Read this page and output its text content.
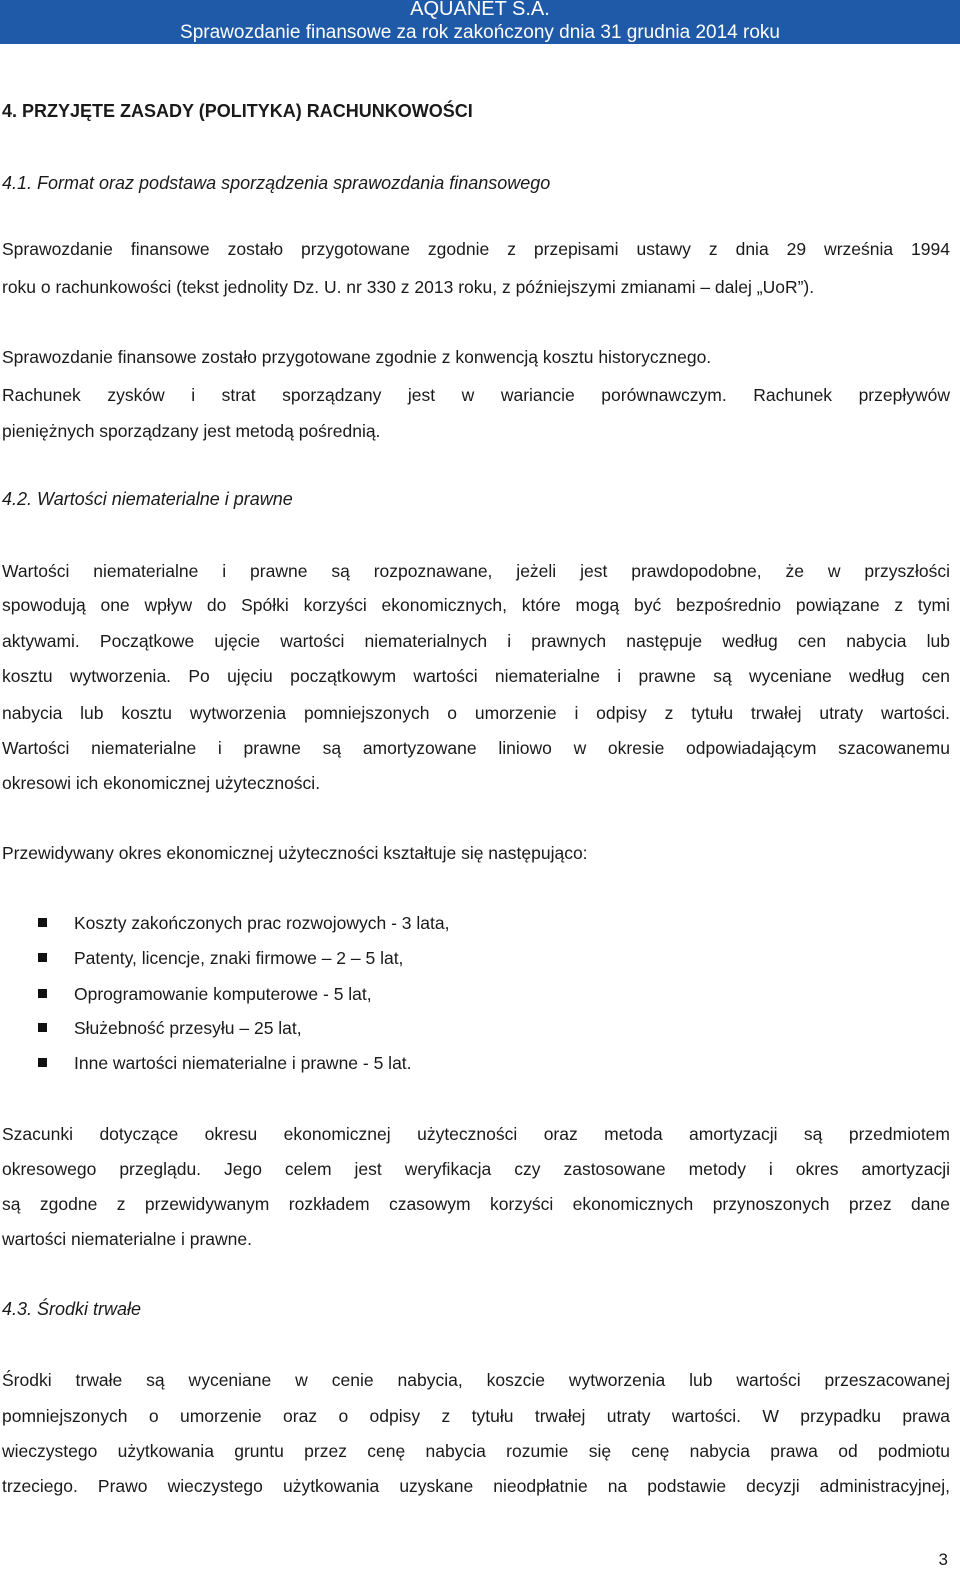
AQUANET S.A.
Sprawozdanie finansowe za rok zakończony dnia 31 grudnia 2014 roku
4. PRZYJĘTE ZASADY (POLITYKA) RACHUNKOWOŚCI
4.1. Format oraz podstawa sporządzenia sprawozdania finansowego
Sprawozdanie finansowe zostało przygotowane zgodnie z przepisami ustawy z dnia 29 września 1994
roku o rachunkowości (tekst jednolity Dz. U. nr 330 z 2013 roku, z późniejszymi zmianami – dalej „UoR”).
Sprawozdanie finansowe zostało przygotowane zgodnie z konwencją kosztu historycznego.
Rachunek zysków i strat sporządzany jest w wariancie porównawczym. Rachunek przepływów
pieniężnych sporządzany jest metodą pośrednią.
4.2. Wartości niematerialne i prawne
Wartości niematerialne i prawne są rozpoznawane, jeżeli jest prawdopodobne, że w przyszłości
spowodują one wpływ do Spółki korzyści ekonomicznych, które mogą być bezpośrednio powiązane z tymi
aktywami. Początkowe ujęcie wartości niematerialnych i prawnych następuje według cen nabycia lub
kosztu wytworzenia. Po ujęciu początkowym wartości niematerialne i prawne są wyceniane według cen
nabycia lub kosztu wytworzenia pomniejszonych o umorzenie i odpisy z tytułu trwałej utraty wartości.
Wartości niematerialne i prawne są amortyzowane liniowo w okresie odpowiadającym szacowanemu
okresowi ich ekonomicznej użyteczności.
Przewidywany okres ekonomicznej użyteczności kształtuje się następująco:
Koszty zakończonych prac rozwojowych - 3 lata,
Patenty, licencje, znaki firmowe – 2 – 5 lat,
Oprogramowanie komputerowe - 5 lat,
Służebność przesyłu – 25 lat,
Inne wartości niematerialne i prawne - 5 lat.
Szacunki dotyczące okresu ekonomicznej użyteczności oraz metoda amortyzacji są przedmiotem
okresowego przeglądu. Jego celem jest weryfikacja czy zastosowane metody i okres amortyzacji
są zgodne z przewidywanym rozkładem czasowym korzyści ekonomicznych przynoszonych przez dane
wartości niematerialne i prawne.
4.3. Środki trwałe
Środki trwałe są wyceniane w cenie nabycia, koszcie wytworzenia lub wartości przeszacowanej
pomniejszonych o umorzenie oraz o odpisy z tytułu trwałej utraty wartości. W przypadku prawa
wieczystego użytkowania gruntu przez cenę nabycia rozumie się cenę nabycia prawa od podmiotu
trzeciego. Prawo wieczystego użytkowania uzyskane nieodpłatnie na podstawie decyzji administracyjnej,
3
